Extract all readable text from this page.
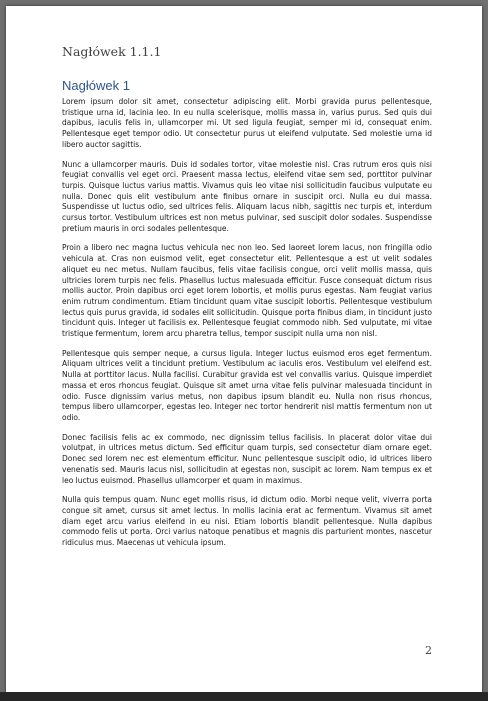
Nagłówek 1.1.1
Nagłówek 1

Lorem ipsum dolor sit amet, consectetur adipiscing elit. Morbi gravida purus pellentesque, tristique urna id, lacinia leo. In eu nulla scelerisque, mollis massa in, varius purus. Sed quis dui dapibus, iaculis felis in, ullamcorper mi. Ut sed ligula feugiat, semper mi id, consequat enim. Pellentesque eget tempor odio. Ut consectetur purus ut eleifend vulputate. Sed molestie urna id libero auctor sagittis.

Nunc a ullamcorper mauris. Duis id sodales tortor, vitae molestie nisl. Cras rutrum eros quis nisi feugiat convallis vel eget orci. Praesent massa lectus, eleifend vitae sem sed, porttitor pulvinar turpis. Quisque luctus varius mattis. Vivamus quis leo vitae nisi sollicitudin faucibus vulputate eu nulla. Donec quis elit vestibulum ante finibus ornare in suscipit orci. Nulla eu dui massa. Suspendisse ut luctus odio, sed ultrices felis. Aliquam lacus nibh, sagittis nec turpis et, interdum cursus tortor. Vestibulum ultrices est non metus pulvinar, sed suscipit dolor sodales. Suspendisse pretium mauris in orci sodales pellentesque.

Proin a libero nec magna luctus vehicula nec non leo. Sed laoreet lorem lacus, non fringilla odio vehicula at. Cras non euismod velit, eget consectetur elit. Pellentesque a est ut velit sodales aliquet eu nec metus. Nullam faucibus, felis vitae facilisis congue, orci velit mollis massa, quis ultricies lorem turpis nec felis. Phasellus luctus malesuada efficitur. Fusce consequat dictum risus mollis auctor. Proin dapibus orci eget lorem lobortis, et mollis purus egestas. Nam feugiat varius enim rutrum condimentum. Etiam tincidunt quam vitae suscipit lobortis. Pellentesque vestibulum lectus quis purus gravida, id sodales elit sollicitudin. Quisque porta finibus diam, in tincidunt justo tincidunt quis. Integer ut facilisis ex. Pellentesque feugiat commodo nibh. Sed vulputate, mi vitae tristique fermentum, lorem arcu pharetra tellus, tempor suscipit nulla urna non nisl.

Pellentesque quis semper neque, a cursus ligula. Integer luctus euismod eros eget fermentum. Aliquam ultrices velit a tincidunt pretium. Vestibulum ac iaculis eros. Vestibulum vel eleifend est. Nulla at porttitor lacus. Nulla facilisi. Curabitur gravida est vel convallis varius. Quisque imperdiet massa et eros rhoncus feugiat. Quisque sit amet urna vitae felis pulvinar malesuada tincidunt in odio. Fusce dignissim varius metus, non dapibus ipsum blandit eu. Nulla non risus rhoncus, tempus libero ullamcorper, egestas leo. Integer nec tortor hendrerit nisl mattis fermentum non ut odio.

Donec facilisis felis ac ex commodo, nec dignissim tellus facilisis. In placerat dolor vitae dui volutpat, in ultrices metus dictum. Sed efficitur quam turpis, sed consectetur diam ornare eget. Donec sed lorem nec est elementum efficitur. Nunc pellentesque suscipit odio, id ultrices libero venenatis sed. Mauris lacus nisl, sollicitudin at egestas non, suscipit ac lorem. Nam tempus ex et leo luctus euismod. Phasellus ullamcorper et quam in maximus.

Nulla quis tempus quam. Nunc eget mollis risus, id dictum odio. Morbi neque velit, viverra porta congue sit amet, cursus sit amet lectus. In mollis lacinia erat ac fermentum. Vivamus sit amet diam eget arcu varius eleifend in eu nisi. Etiam lobortis blandit pellentesque. Nulla dapibus commodo felis ut porta. Orci varius natoque penatibus et magnis dis parturient montes, nascetur ridiculus mus. Maecenas ut vehicula ipsum.

2
